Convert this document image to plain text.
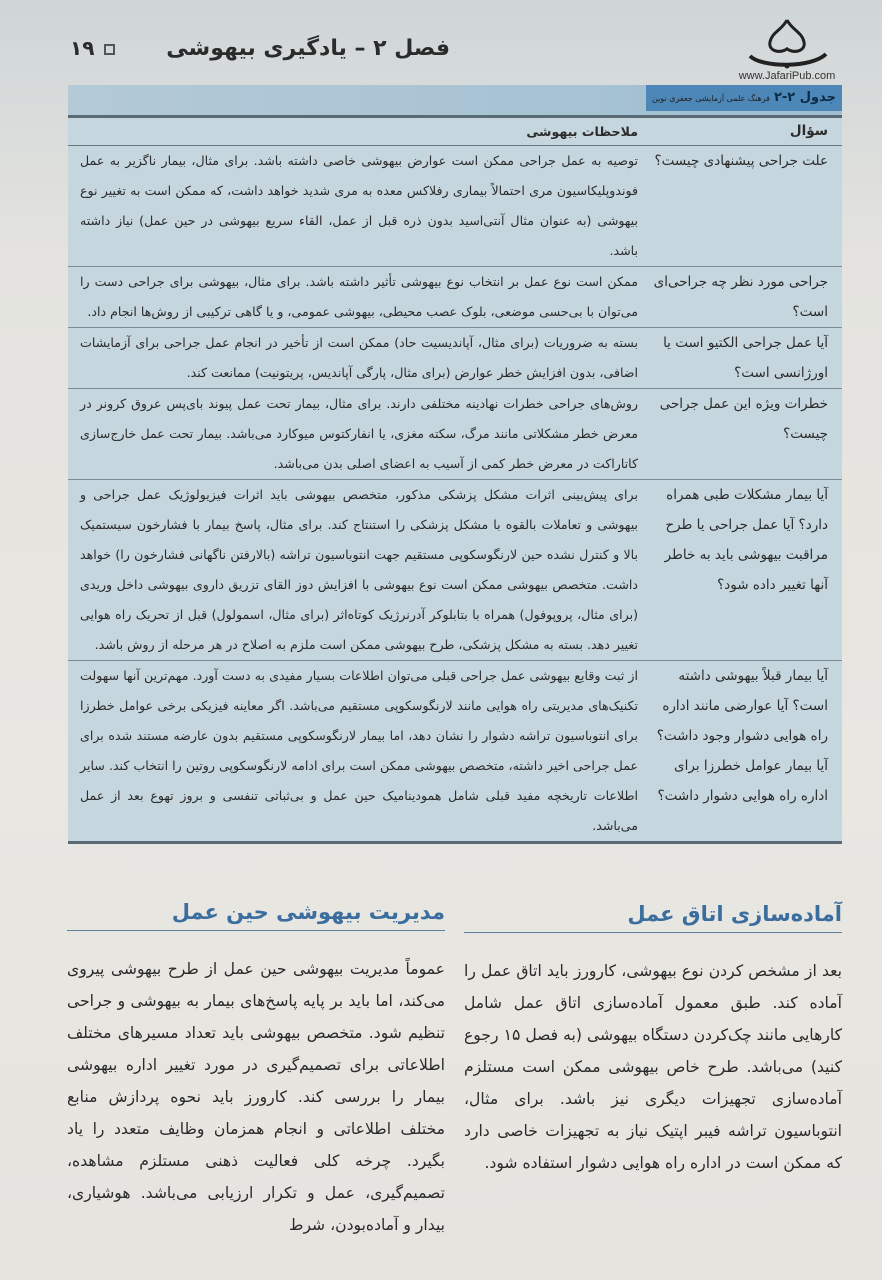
فصل ۲ – یادگیری بیهوشی
۱۹
www.JafariPub.com
جدول ۲-۲فرهنگ علمی آزمایشی جعفری نوین
سؤال
ملاحظات بیهوشی
علت جراحی پیشنهادی چیست؟
توصیه به عمل جراحی ممکن است عوارض بیهوشی خاصی داشته باشد. برای مثال، بیمار ناگزیر به عمل فوندوپلیکاسیون مری احتمالاً بیماری رفلاکس معده به مری شدید خواهد داشت، که ممکن است به تغییر نوع بیهوشی (به عنوان مثال آنتی‌اسید بدون ذره قبل از عمل، القاء سریع بیهوشی در حین عمل) نیاز داشته باشد.
جراحی مورد نظر چه جراحی‌ای است؟
ممکن است نوع عمل بر انتخاب نوع بیهوشی تأثیر داشته باشد. برای مثال، بیهوشی برای جراحی دست را می‌توان با بی‌حسی موضعی، بلوک عصب محیطی، بیهوشی عمومی، و یا گاهی ترکیبی از روش‌ها انجام داد.
آیا عمل جراحی الکتیو است یا اورژانسی است؟
بسته به ضروریات (برای مثال، آپاندیسیت حاد) ممکن است از تأخیر در انجام عمل جراحی برای آزمایشات اضافی، بدون افزایش خطر عوارض (برای مثال، پارگی آپاندیس، پریتونیت) ممانعت کند.
خطرات ویژه این عمل جراحی چیست؟
روش‌های جراحی خطرات نهادینه مختلفی دارند. برای مثال، بیمار تحت عمل پیوند بای‌پس عروق کرونر در معرض خطر مشکلاتی مانند مرگ، سکته مغزی، یا انفارکتوس میوکارد می‌باشد. بیمار تحت عمل خارج‌سازی کاتاراکت در معرض خطر کمی از آسیب به اعضای اصلی بدن می‌باشد.
آیا بیمار مشکلات طبی همراه دارد؟ آیا عمل جراحی یا طرح مراقبت بیهوشی باید به خاطر آنها تغییر داده شود؟
برای پیش‌بینی اثرات مشکل پزشکی مذکور، متخصص بیهوشی باید اثرات فیزیولوژیک عمل جراحی و بیهوشی و تعاملات بالقوه با مشکل پزشکی را استنتاج کند. برای مثال، پاسخ بیمار با فشارخون سیستمیک بالا و کنترل نشده حین لارنگوسکوپی مستقیم جهت انتوباسیون تراشه (بالارفتن ناگهانی فشارخون را) خواهد داشت. متخصص بیهوشی ممکن است نوع بیهوشی با افزایش دوز القای تزریق داروی بیهوشی داخل وریدی (برای مثال، پروپوفول) همراه با بتابلوکر آدرنرژیک کوتاه‌اثر (برای مثال، اسمولول) قبل از تحریک راه هوایی تغییر دهد. بسته به مشکل پزشکی، طرح بیهوشی ممکن است ملزم به اصلاح در هر مرحله از روش باشد.
آیا بیمار قبلاً بیهوشی داشته است؟ آیا عوارضی مانند اداره راه هوایی دشوار وجود داشت؟ آیا بیمار عوامل خطرزا برای اداره راه هوایی دشوار داشت؟
از ثبت وقایع بیهوشی عمل جراحی قبلی می‌توان اطلاعات بسیار مفیدی به دست آورد. مهم‌ترین آنها سهولت تکنیک‌های مدیریتی راه هوایی مانند لارنگوسکوپی مستقیم می‌باشد. اگر معاینه فیزیکی برخی عوامل خطرزا برای انتوباسیون تراشه دشوار را نشان دهد، اما بیمار لارنگوسکوپی مستقیم بدون عارضه مستند شده برای عمل جراحی اخیر داشته، متخصص بیهوشی ممکن است برای ادامه لارنگوسکوپی روتین را انتخاب کند. سایر اطلاعات تاریخچه مفید قبلی شامل همودینامیک حین عمل و بی‌ثباتی تنفسی و بروز تهوع بعد از عمل می‌باشد.
آماده‌سازی اتاق عمل

بعد از مشخص کردن نوع بیهوشی، کارورز باید اتاق عمل را آماده کند. طبق معمول آماده‌سازی اتاق عمل شامل کارهایی مانند چک‌کردن دستگاه بیهوشی (به فصل ۱۵ رجوع کنید) می‌باشد. طرح خاص بیهوشی ممکن است مستلزم آماده‌سازی تجهیزات دیگری نیز باشد. برای مثال، انتوباسیون تراشه فیبر اپتیک نیاز به تجهیزات خاصی دارد که ممکن است در اداره راه هوایی دشوار استفاده شود.

مدیریت بیهوشی حین عمل

عموماً مدیریت بیهوشی حین عمل از طرح بیهوشی پیروی می‌کند، اما باید بر پایه پاسخ‌های بیمار به بیهوشی و جراحی تنظیم شود. متخصص بیهوشی باید تعداد مسیرهای مختلف اطلاعاتی برای تصمیم‌گیری در مورد تغییر اداره بیهوشی بیمار را بررسی کند. کارورز باید نحوه پردازش منابع مختلف اطلاعاتی و انجام همزمان وظایف متعدد را یاد بگیرد. چرخه کلی فعالیت ذهنی مستلزم مشاهده، تصمیم‌گیری، عمل و تکرار ارزیابی می‌باشد. هوشیاری، بیدار و آماده‌بودن، شرط
